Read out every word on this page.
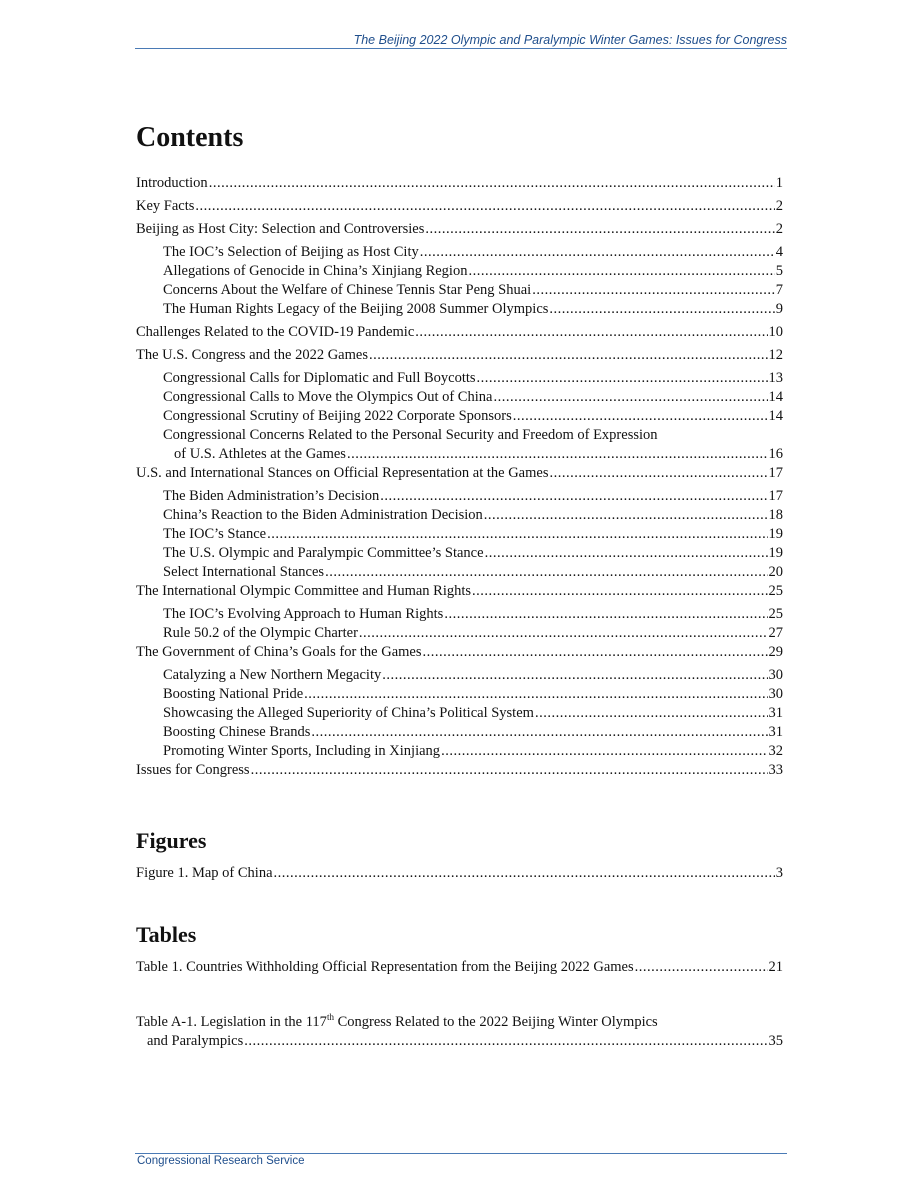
The Beijing 2022 Olympic and Paralympic Winter Games: Issues for Congress
Contents
Introduction .....	1
Key Facts .....	2
Beijing as Host City: Selection and Controversies .....	2
The IOC’s Selection of Beijing as Host City .....	4
Allegations of Genocide in China’s Xinjiang Region .....	5
Concerns About the Welfare of Chinese Tennis Star Peng Shuai .....	7
The Human Rights Legacy of the Beijing 2008 Summer Olympics .....	9
Challenges Related to the COVID-19 Pandemic .....	10
The U.S. Congress and the 2022 Games .....	12
Congressional Calls for Diplomatic and Full Boycotts .....	13
Congressional Calls to Move the Olympics Out of China .....	14
Congressional Scrutiny of Beijing 2022 Corporate Sponsors .....	14
Congressional Concerns Related to the Personal Security and Freedom of Expression
of U.S. Athletes at the Games .....	16
U.S. and International Stances on Official Representation at the Games .....	17
The Biden Administration’s Decision .....	17
China’s Reaction to the Biden Administration Decision .....	18
The IOC’s Stance .....	19
The U.S. Olympic and Paralympic Committee’s Stance .....	19
Select International Stances .....	20
The International Olympic Committee and Human Rights .....	25
The IOC’s Evolving Approach to Human Rights .....	25
Rule 50.2 of the Olympic Charter .....	27
The Government of China’s Goals for the Games .....	29
Catalyzing a New Northern Megacity .....	30
Boosting National Pride .....	30
Showcasing the Alleged Superiority of China’s Political System .....	31
Boosting Chinese Brands .....	31
Promoting Winter Sports, Including in Xinjiang .....	32
Issues for Congress .....	33
Figures
Figure 1. Map of China .....	3
Tables
Table 1. Countries Withholding Official Representation from the Beijing 2022 Games .....	21
Table A-1. Legislation in the 117th Congress Related to the 2022 Beijing Winter Olympics
and Paralympics .....	35
Congressional Research Service
